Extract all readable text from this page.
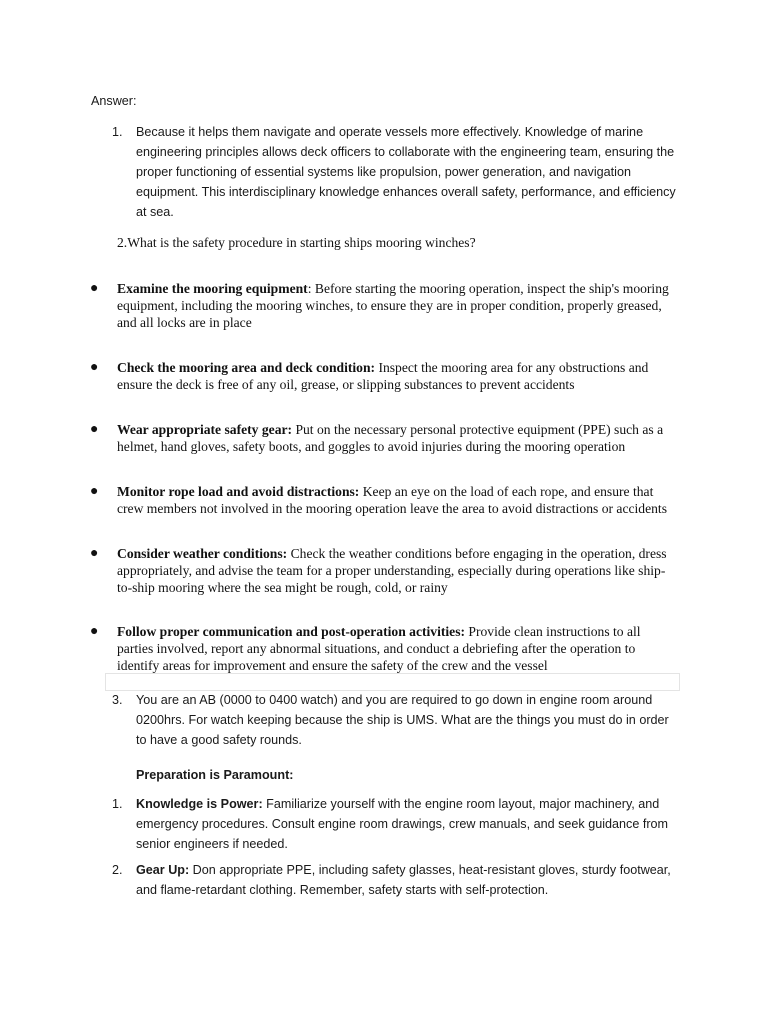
Answer:
1. Because it helps them navigate and operate vessels more effectively. Knowledge of marine engineering principles allows deck officers to collaborate with the engineering team, ensuring the proper functioning of essential systems like propulsion, power generation, and navigation equipment. This interdisciplinary knowledge enhances overall safety, performance, and efficiency at sea.
2.What is the safety procedure in starting ships mooring winches?
● Examine the mooring equipment: Before starting the mooring operation, inspect the ship's mooring equipment, including the mooring winches, to ensure they are in proper condition, properly greased, and all locks are in place
● Check the mooring area and deck condition: Inspect the mooring area for any obstructions and ensure the deck is free of any oil, grease, or slipping substances to prevent accidents
● Wear appropriate safety gear: Put on the necessary personal protective equipment (PPE) such as a helmet, hand gloves, safety boots, and goggles to avoid injuries during the mooring operation
● Monitor rope load and avoid distractions: Keep an eye on the load of each rope, and ensure that crew members not involved in the mooring operation leave the area to avoid distractions or accidents
● Consider weather conditions: Check the weather conditions before engaging in the operation, dress appropriately, and advise the team for a proper understanding, especially during operations like ship-to-ship mooring where the sea might be rough, cold, or rainy
● Follow proper communication and post-operation activities: Provide clean instructions to all parties involved, report any abnormal situations, and conduct a debriefing after the operation to identify areas for improvement and ensure the safety of the crew and the vessel
3. You are an AB (0000 to 0400 watch) and you are required to go down in engine room around 0200hrs. For watch keeping because the ship is UMS. What are the things you must do in order to have a good safety rounds.
Preparation is Paramount:
1. Knowledge is Power: Familiarize yourself with the engine room layout, major machinery, and emergency procedures. Consult engine room drawings, crew manuals, and seek guidance from senior engineers if needed.
2. Gear Up: Don appropriate PPE, including safety glasses, heat-resistant gloves, sturdy footwear, and flame-retardant clothing. Remember, safety starts with self-protection.
